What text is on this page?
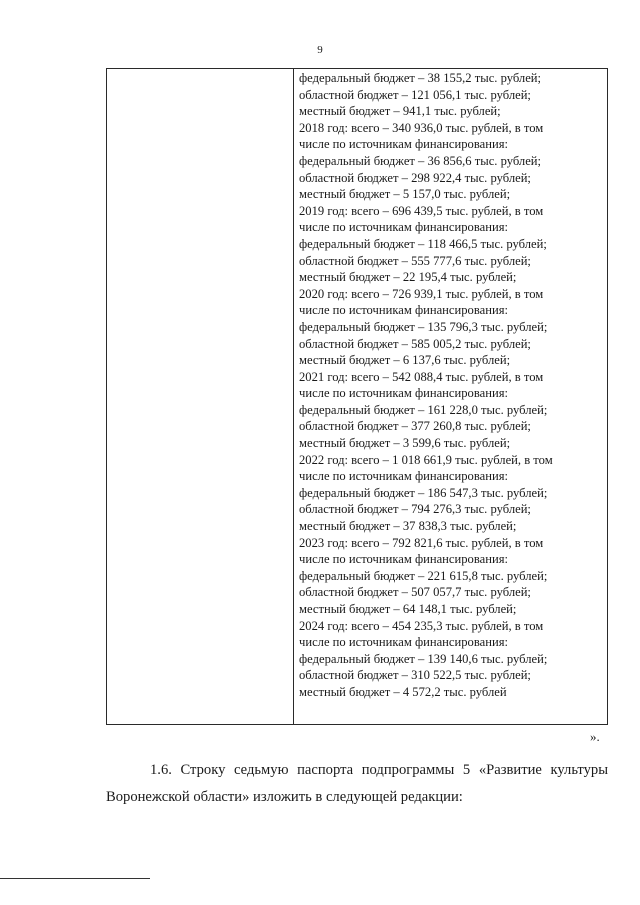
9
федеральный бюджет – 38 155,2 тыс. рублей;
областной бюджет – 121 056,1 тыс. рублей;
местный бюджет – 941,1 тыс. рублей;
2018 год: всего – 340 936,0 тыс. рублей, в том
числе по источникам финансирования:
федеральный бюджет – 36 856,6 тыс. рублей;
областной бюджет – 298 922,4 тыс. рублей;
местный бюджет – 5 157,0 тыс. рублей;
2019 год: всего – 696 439,5 тыс. рублей, в том
числе по источникам финансирования:
федеральный бюджет – 118 466,5 тыс. рублей;
областной бюджет – 555 777,6 тыс. рублей;
местный бюджет – 22 195,4 тыс. рублей;
2020 год: всего – 726 939,1 тыс. рублей, в том
числе по источникам финансирования:
федеральный бюджет – 135 796,3 тыс. рублей;
областной бюджет – 585 005,2 тыс. рублей;
местный бюджет – 6 137,6 тыс. рублей;
2021 год: всего – 542 088,4 тыс. рублей, в том
числе по источникам финансирования:
федеральный бюджет – 161 228,0 тыс. рублей;
областной бюджет – 377 260,8 тыс. рублей;
местный бюджет – 3 599,6 тыс. рублей;
2022 год: всего – 1 018 661,9 тыс. рублей, в том
числе по источникам финансирования:
федеральный бюджет – 186 547,3 тыс. рублей;
областной бюджет – 794 276,3 тыс. рублей;
местный бюджет – 37 838,3 тыс. рублей;
2023 год: всего – 792 821,6 тыс. рублей, в том
числе по источникам финансирования:
федеральный бюджет – 221 615,8 тыс. рублей;
областной бюджет – 507 057,7 тыс. рублей;
местный бюджет – 64 148,1 тыс. рублей;
2024 год: всего – 454 235,3 тыс. рублей, в том
числе по источникам финансирования:
федеральный бюджет – 139 140,6 тыс. рублей;
областной бюджет – 310 522,5 тыс. рублей;
местный бюджет – 4 572,2 тыс. рублей
».

1.6. Строку седьмую паспорта подпрограммы 5 «Развитие культуры Воронежской области» изложить в следующей редакции:
